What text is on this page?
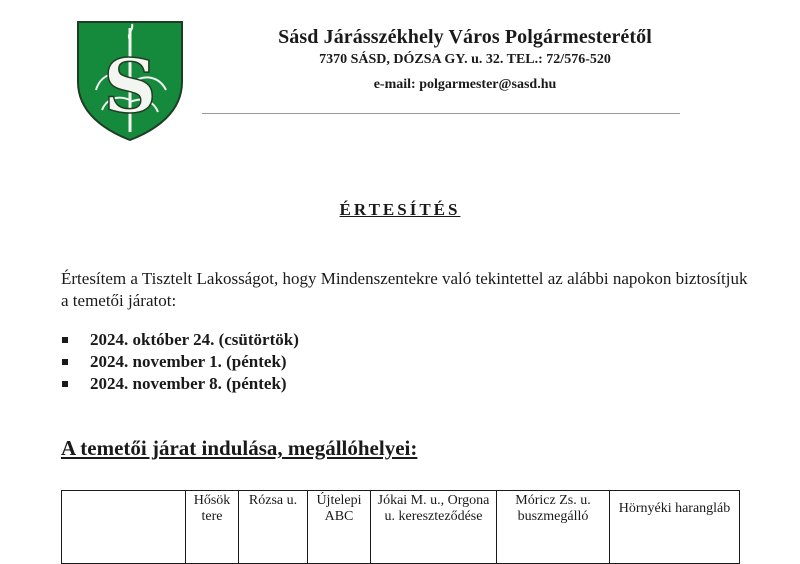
S
Sásd Járásszékhely Város Polgármesterétől
7370 SÁSD, DÓZSA GY. u. 32. TEL.: 72/576-520
e-mail: polgarmester@sasd.hu
ÉRTESÍTÉS
Értesítem a Tisztelt Lakosságot, hogy Mindenszentekre való tekintettel az alábbi napokon biztosítjuk a temetői járatot:
2024. október 24. (csütörtök)
2024. november 1. (péntek)
2024. november 8. (péntek)
A temetői járat indulása, megállóhelyei:
	Hősök tere	Rózsa u.	Újtelepi ABC	Jókai M. u., Orgona u. kereszteződése	Móricz Zs. u. buszmegálló	Hörnyéki harangláb
